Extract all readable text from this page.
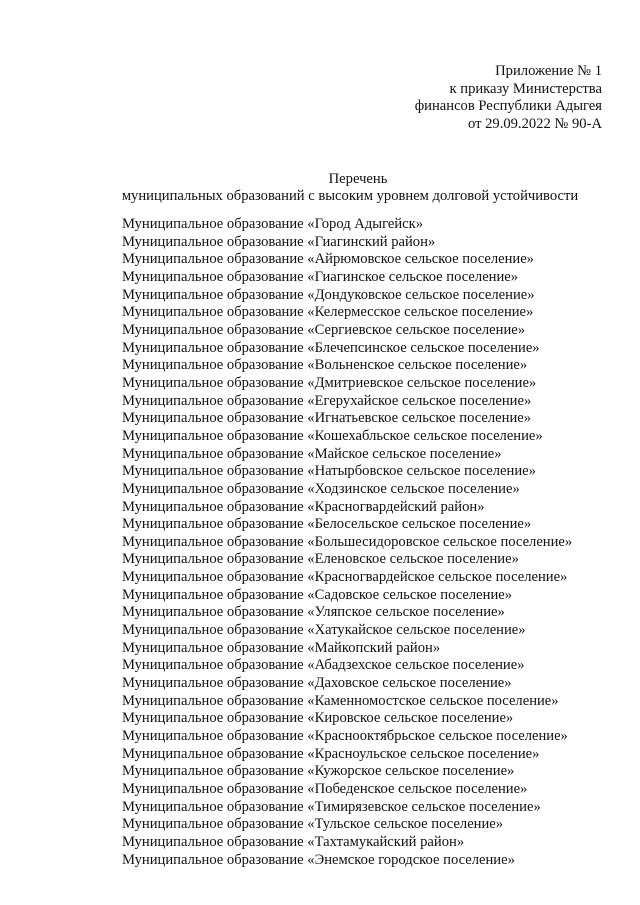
Приложение № 1
к приказу Министерства
финансов Республики Адыгея
от 29.09.2022 № 90-А
Перечень
муниципальных образований с высоким уровнем долговой устойчивости
Муниципальное образование «Город Адыгейск»
Муниципальное образование «Гиагинский район»
Муниципальное образование «Айрюмовское сельское поселение»
Муниципальное образование «Гиагинское сельское поселение»
Муниципальное образование «Дондуковское сельское поселение»
Муниципальное образование «Келермесское сельское поселение»
Муниципальное образование «Сергиевское сельское поселение»
Муниципальное образование «Блечепсинское сельское поселение»
Муниципальное образование «Вольненское сельское поселение»
Муниципальное образование «Дмитриевское сельское поселение»
Муниципальное образование «Егерухайское сельское поселение»
Муниципальное образование «Игнатьевское сельское поселение»
Муниципальное образование «Кошехабльское сельское поселение»
Муниципальное образование «Майское сельское поселение»
Муниципальное образование «Натырбовское сельское поселение»
Муниципальное образование «Ходзинское сельское поселение»
Муниципальное образование «Красногвардейский район»
Муниципальное образование «Белосельское сельское поселение»
Муниципальное образование «Большесидоровское сельское поселение»
Муниципальное образование «Еленовское сельское поселение»
Муниципальное образование «Красногвардейское сельское поселение»
Муниципальное образование «Садовское сельское поселение»
Муниципальное образование «Уляпское сельское поселение»
Муниципальное образование «Хатукайское сельское поселение»
Муниципальное образование «Майкопский район»
Муниципальное образование «Абадзехское сельское поселение»
Муниципальное образование «Даховское сельское поселение»
Муниципальное образование «Каменномостское сельское поселение»
Муниципальное образование «Кировское сельское поселение»
Муниципальное образование «Краснооктябрьское сельское поселение»
Муниципальное образование «Красноульское сельское поселение»
Муниципальное образование «Кужорское сельское поселение»
Муниципальное образование «Победенское сельское поселение»
Муниципальное образование «Тимирязевское сельское поселение»
Муниципальное образование «Тульское сельское поселение»
Муниципальное образование «Тахтамукайский район»
Муниципальное образование «Энемское городское поселение»
